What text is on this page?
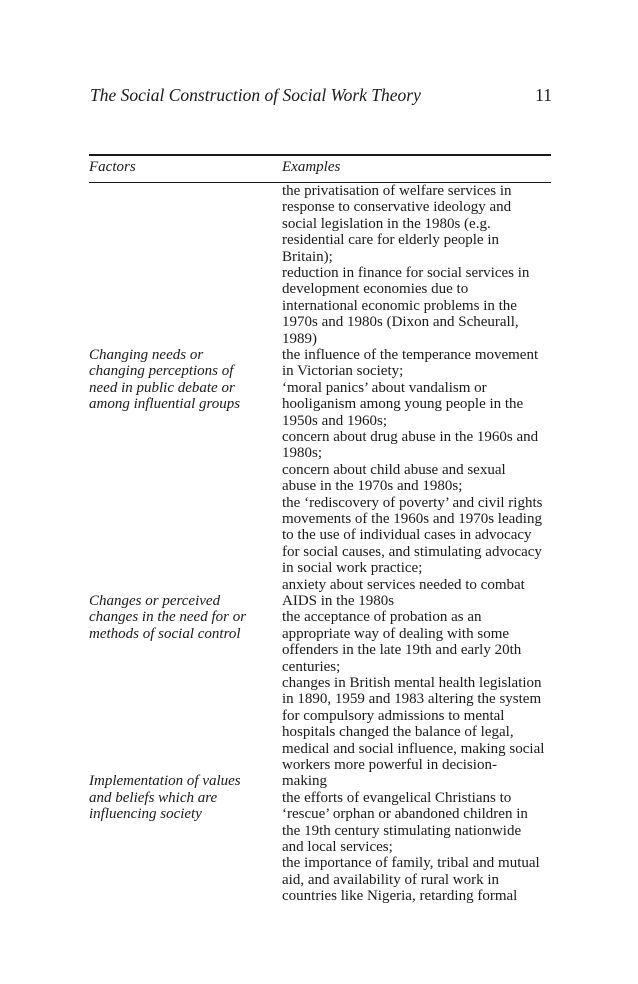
The Social Construction of Social Work Theory	11
Factors	Examples
the privatisation of welfare services in
response to conservative ideology and
social legislation in the 1980s (e.g.
residential care for elderly people in
Britain);
reduction in finance for social services in
development economies due to
international economic problems in the
1970s and 1980s (Dixon and Scheurall,
1989)
the influence of the temperance movement
in Victorian society;
‘moral panics’ about vandalism or
hooliganism among young people in the
1950s and 1960s;
concern about drug abuse in the 1960s and
1980s;
concern about child abuse and sexual
abuse in the 1970s and 1980s;
the ‘rediscovery of poverty’ and civil rights
movements of the 1960s and 1970s leading
to the use of individual cases in advocacy
for social causes, and stimulating advocacy
in social work practice;
anxiety about services needed to combat
AIDS in the 1980s
the acceptance of probation as an
appropriate way of dealing with some
offenders in the late 19th and early 20th
centuries;
changes in British mental health legislation
in 1890, 1959 and 1983 altering the system
for compulsory admissions to mental
hospitals changed the balance of legal,
medical and social influence, making social
workers more powerful in decision-
making
the efforts of evangelical Christians to
‘rescue’ orphan or abandoned children in
the 19th century stimulating nationwide
and local services;
the importance of family, tribal and mutual
aid, and availability of rural work in
countries like Nigeria, retarding formal
Changing needs or
changing perceptions of
need in public debate or
among influential groups
Changes or perceived
changes in the need for or
methods of social control
Implementation of values
and beliefs which are
influencing society
